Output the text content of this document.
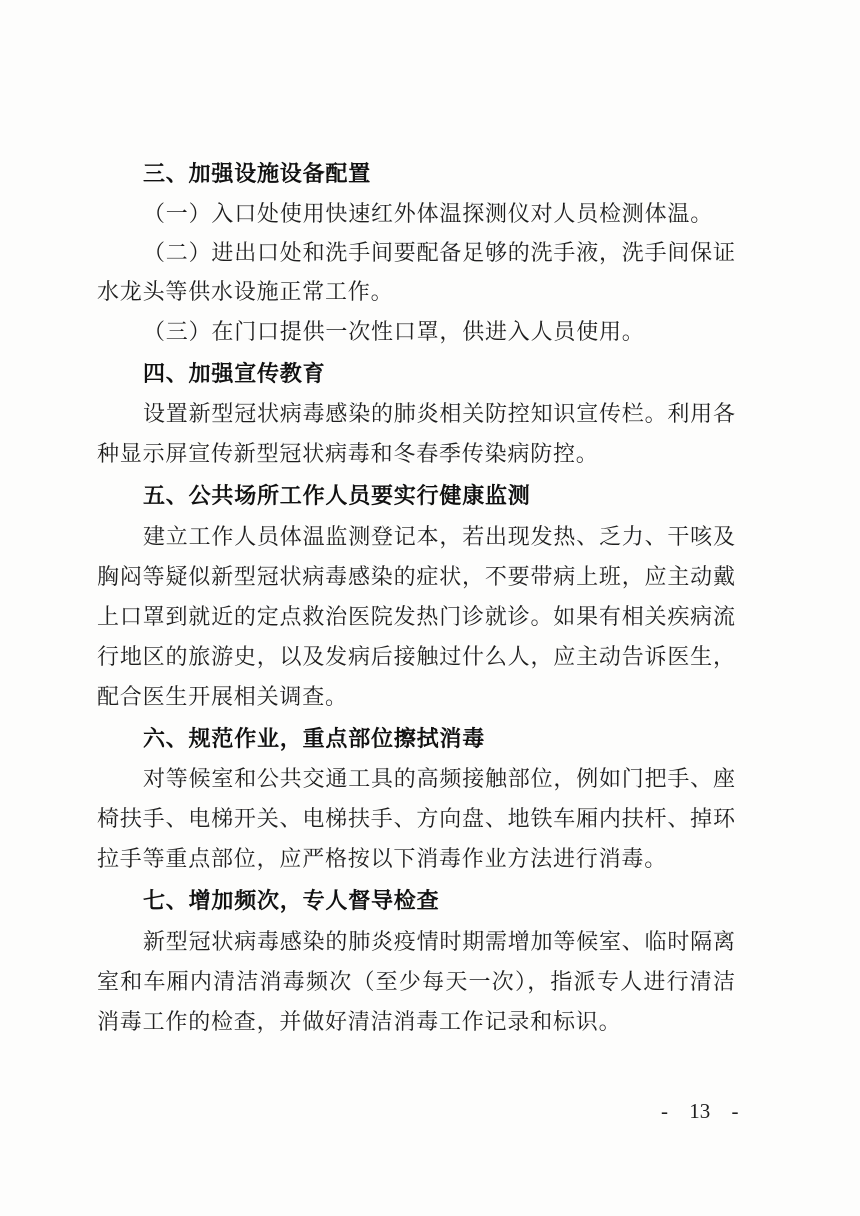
三、加强设施设备配置
（一）入口处使用快速红外体温探测仪对人员检测体温。
（二）进出口处和洗手间要配备足够的洗手液，洗手间保证
水龙头等供水设施正常工作。
（三）在门口提供一次性口罩，供进入人员使用。
四、加强宣传教育
设置新型冠状病毒感染的肺炎相关防控知识宣传栏。利用各
种显示屏宣传新型冠状病毒和冬春季传染病防控。
五、公共场所工作人员要实行健康监测
建立工作人员体温监测登记本，若出现发热、乏力、干咳及
胸闷等疑似新型冠状病毒感染的症状，不要带病上班，应主动戴
上口罩到就近的定点救治医院发热门诊就诊。如果有相关疾病流
行地区的旅游史，以及发病后接触过什么人，应主动告诉医生，
配合医生开展相关调查。
六、规范作业，重点部位擦拭消毒
对等候室和公共交通工具的高频接触部位，例如门把手、座
椅扶手、电梯开关、电梯扶手、方向盘、地铁车厢内扶杆、掉环
拉手等重点部位，应严格按以下消毒作业方法进行消毒。
七、增加频次，专人督导检查
新型冠状病毒感染的肺炎疫情时期需增加等候室、临时隔离
室和车厢内清洁消毒频次（至少每天一次），指派专人进行清洁
消毒工作的检查，并做好清洁消毒工作记录和标识。
- 13 -
